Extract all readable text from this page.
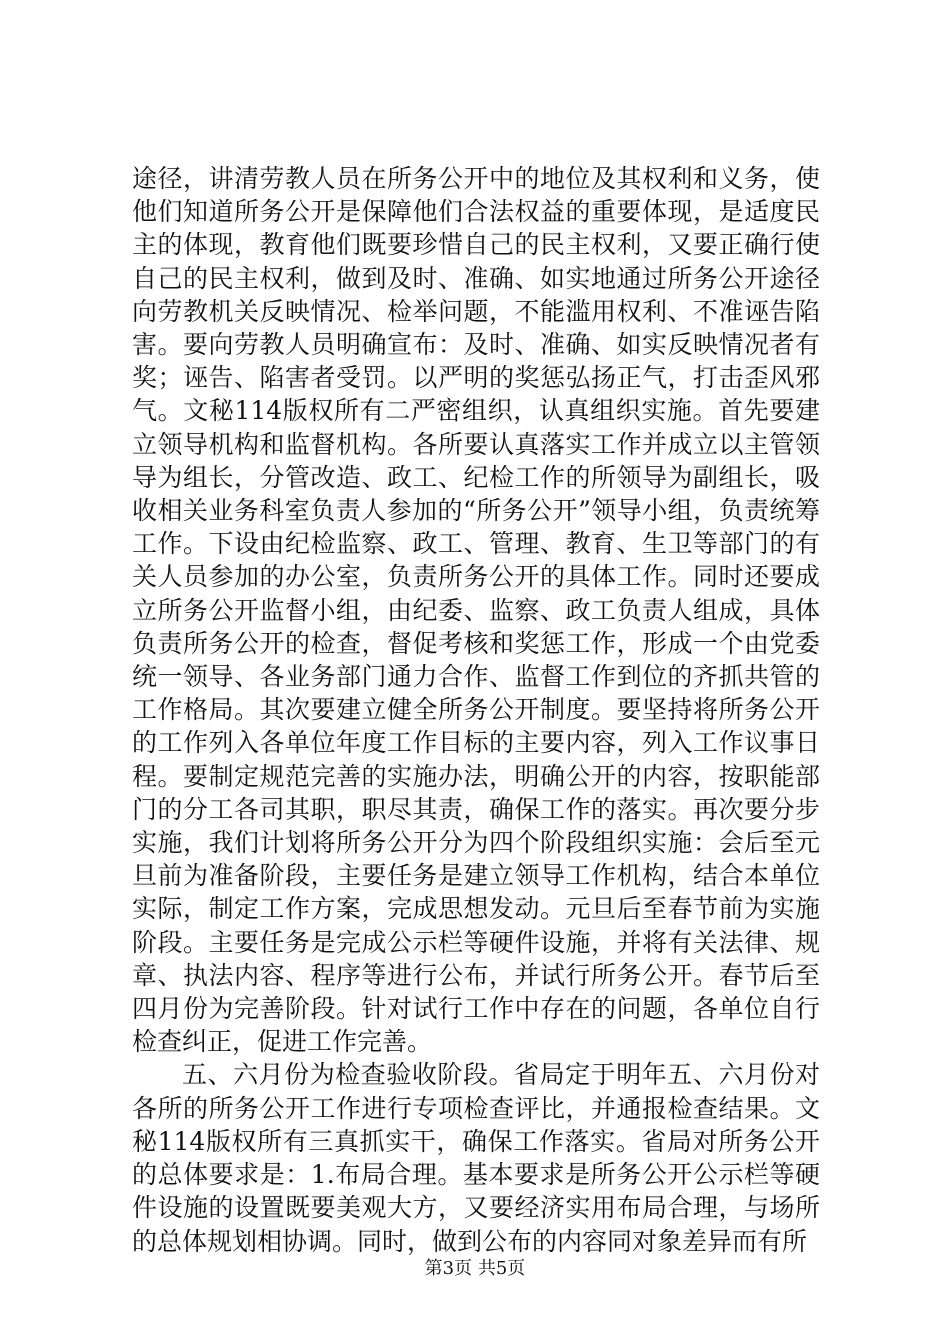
途径，讲清劳教人员在所务公开中的地位及其权利和义务，使他们知道所务公开是保障他们合法权益的重要体现，是适度民主的体现，教育他们既要珍惜自己的民主权利，又要正确行使自己的民主权利，做到及时、准确、如实地通过所务公开途径向劳教机关反映情况、检举问题，不能滥用权利、不准诬告陷害。要向劳教人员明确宣布：及时、准确、如实反映情况者有奖；诬告、陷害者受罚。以严明的奖惩弘扬正气，打击歪风邪气。文秘114版权所有二严密组织，认真组织实施。首先要建立领导机构和监督机构。各所要认真落实工作并成立以主管领导为组长，分管改造、政工、纪检工作的所领导为副组长，吸收相关业务科室负责人参加的“所务公开”领导小组，负责统筹工作。下设由纪检监察、政工、管理、教育、生卫等部门的有关人员参加的办公室，负责所务公开的具体工作。同时还要成立所务公开监督小组，由纪委、监察、政工负责人组成，具体负责所务公开的检查，督促考核和奖惩工作，形成一个由党委统一领导、各业务部门通力合作、监督工作到位的齐抓共管的工作格局。其次要建立健全所务公开制度。要坚持将所务公开的工作列入各单位年度工作目标的主要内容，列入工作议事日程。要制定规范完善的实施办法，明确公开的内容，按职能部门的分工各司其职，职尽其责，确保工作的落实。再次要分步实施，我们计划将所务公开分为四个阶段组织实施：会后至元旦前为准备阶段，主要任务是建立领导工作机构，结合本单位实际，制定工作方案，完成思想发动。元旦后至春节前为实施阶段。主要任务是完成公示栏等硬件设施，并将有关法律、规章、执法内容、程序等进行公布，并试行所务公开。春节后至四月份为完善阶段。针对试行工作中存在的问题，各单位自行检查纠正，促进工作完善。

五、六月份为检查验收阶段。省局定于明年五、六月份对各所的所务公开工作进行专项检查评比，并通报检查结果。文秘114版权所有三真抓实干，确保工作落实。省局对所务公开的总体要求是：1.布局合理。基本要求是所务公开公示栏等硬件设施的设置既要美观大方，又要经济实用布局合理，与场所的总体规划相协调。同时，做到公布的内容同对象差异而有所

第3页 共5页
